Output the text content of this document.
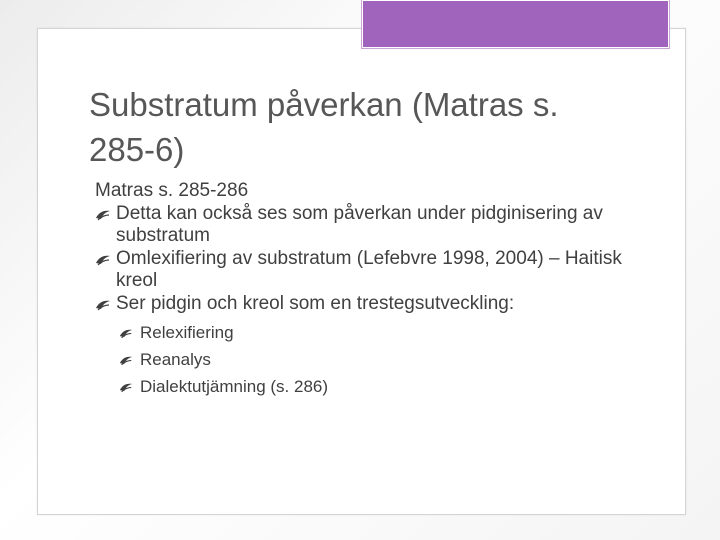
Substratum påverkan (Matras s.
285-6)
Matras s. 285-286
Detta kan också ses som påverkan under pidginisering av substratum
Omlexifiering av substratum (Lefebvre 1998, 2004) – Haitisk kreol
Ser pidgin och kreol som en trestegsutveckling:
Relexifiering
Reanalys
Dialektutjämning (s. 286)
